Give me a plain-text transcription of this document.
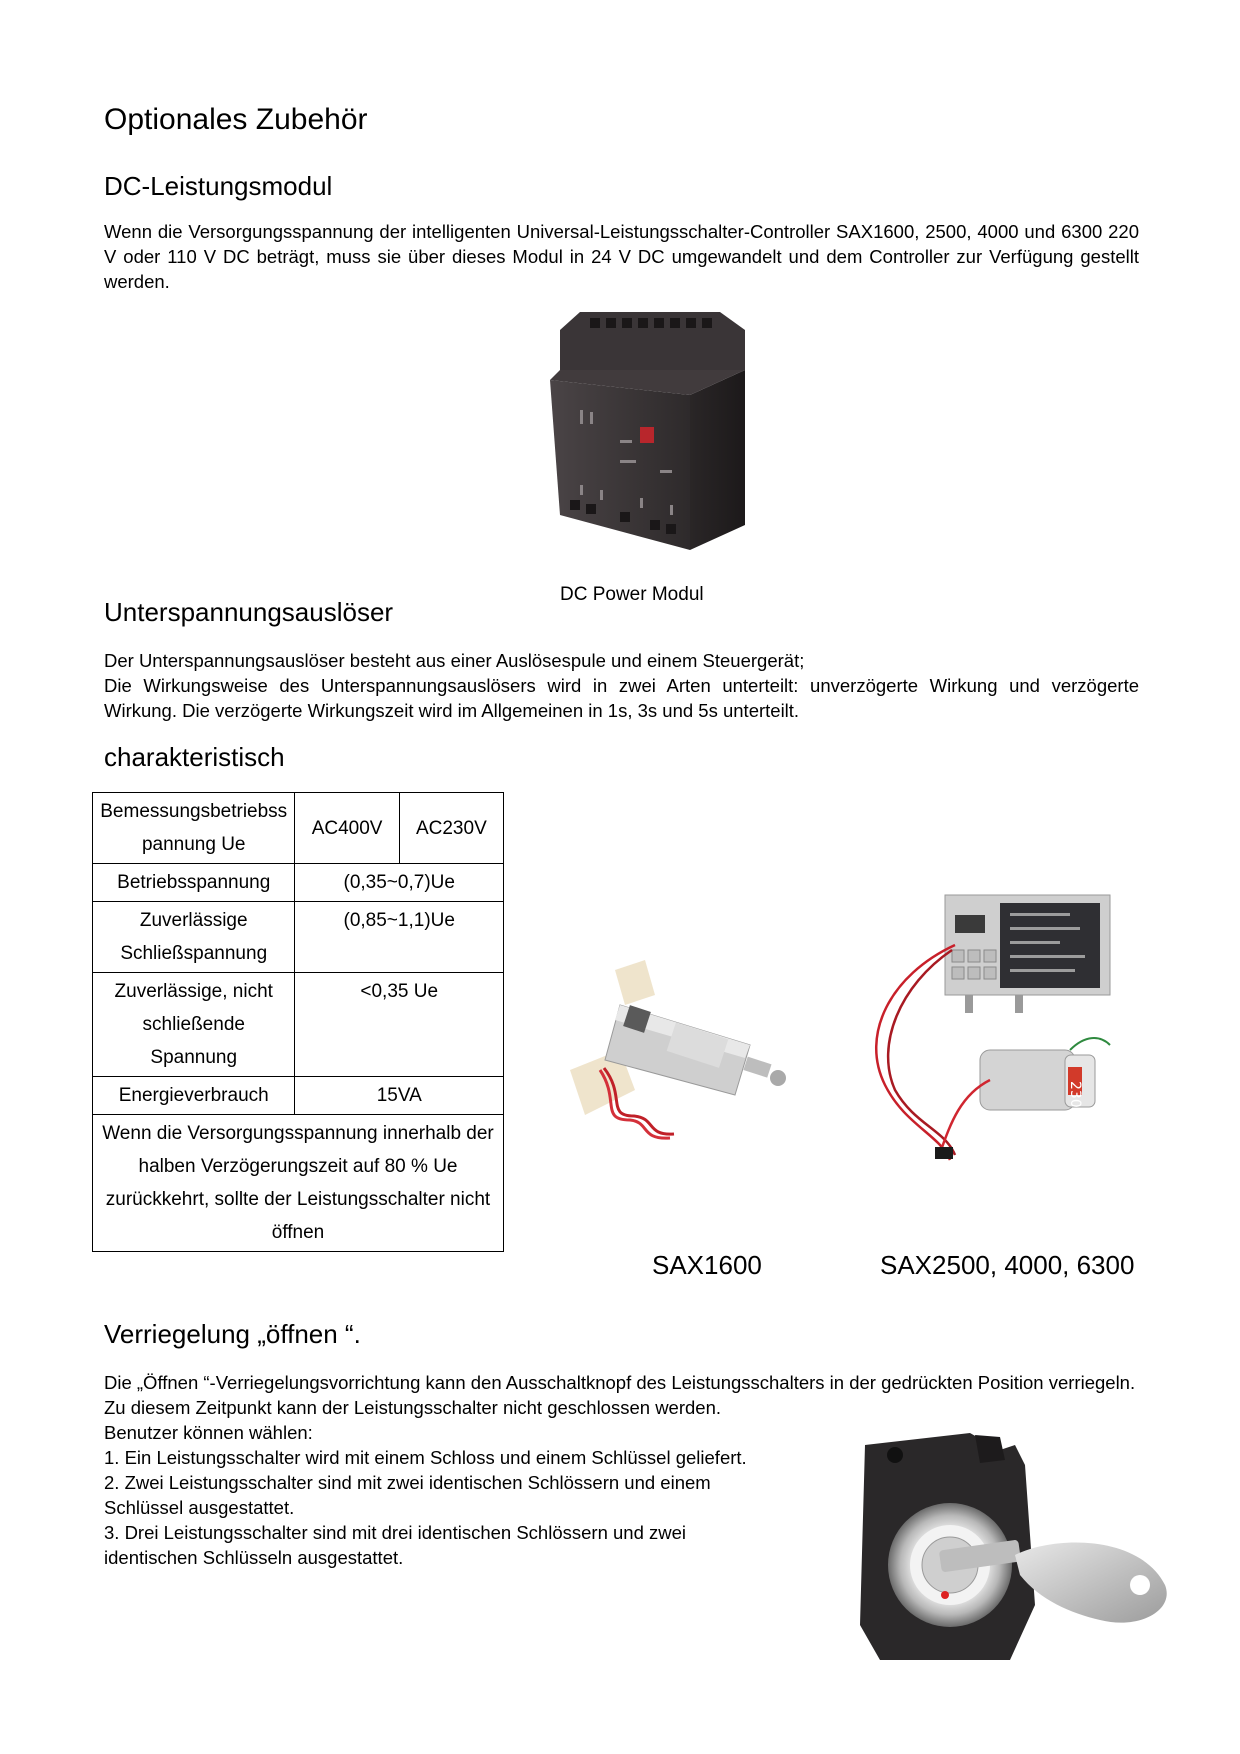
Optionales Zubehör
DC-Leistungsmodul

Wenn die Versorgungsspannung der intelligenten Universal-Leistungsschalter-Controller SAX1600, 2500, 4000 und 6300 220 V oder 110 V DC beträgt, muss sie über dieses Modul in 24 V DC umgewandelt und dem Controller zur Verfügung gestellt werden.

DC Power Modul
Unterspannungsauslöser

Der Unterspannungsauslöser besteht aus einer Auslösespule und einem Steuergerät;

Die Wirkungsweise des Unterspannungsauslösers wird in zwei Arten unterteilt: unverzögerte Wirkung und verzögerte Wirkung. Die verzögerte Wirkungszeit wird im Allgemeinen in 1s, 3s und 5s unterteilt.

charakteristisch
Bemessungsbetriebsspannung Ue	AC400V	AC230V
Betriebsspannung	(0,35~0,7)Ue	
Zuverlässige Schließspannung	(0,85~1,1)Ue	
Zuverlässige, nicht schließende Spannung	<0,35 Ue	
Energieverbrauch	15VA	
Wenn die Versorgungsspannung innerhalb der halben Verzögerungszeit auf 80 % Ue zurückkehrt, sollte der Leistungsschalter nicht öffnen		
230
SAX1600	SAX2500, 4000, 6300
Verriegelung „öffnen “.

Die „Öffnen “-Verriegelungsvorrichtung kann den Ausschaltknopf des Leistungsschalters in der gedrückten Position verriegeln. Zu diesem Zeitpunkt kann der Leistungsschalter nicht geschlossen werden.

Benutzer können wählen:

1. Ein Leistungsschalter wird mit einem Schloss und einem Schlüssel geliefert.

2. Zwei Leistungsschalter sind mit zwei identischen Schlössern und einem Schlüssel ausgestattet.

3. Drei Leistungsschalter sind mit drei identischen Schlössern und zwei identischen Schlüsseln ausgestattet.
